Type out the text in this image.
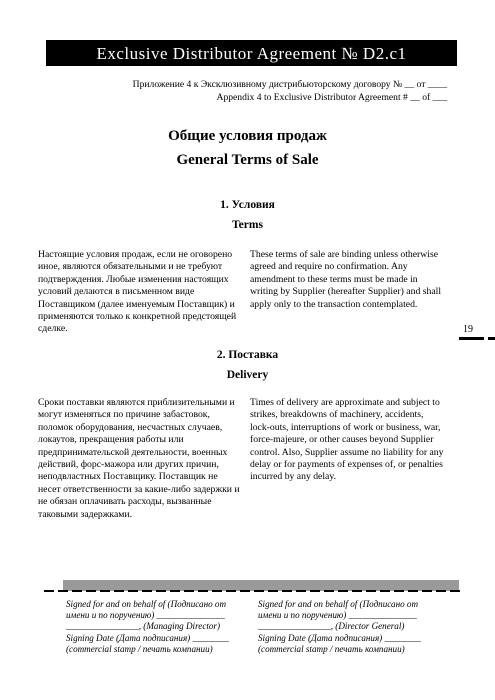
Exclusive Distributor Agreement № D2.c1
Приложение 4 к Эксклюзивному дистрибьюторскому договору № __ от ____
Appendix 4 to Exclusive Distributor Agreement # __ of ___
Общие условия продаж
General Terms of Sale
1. Условия
Terms
Настоящие условия продаж, если не оговорено иное, являются обязательными и не требуют подтверждения. Любые изменения настоящих условий делаются в письменном виде Поставщиком (далее именуемым Поставщик) и применяются только к конкретной предстоящей сделке.
These terms of sale are binding unless otherwise agreed and require no confirmation. Any amendment to these terms must be made in writing by Supplier (hereafter Supplier) and shall apply only to the transaction contemplated.
19
2. Поставка
Delivery
Сроки поставки являются приблизительными и могут изменяться по причине забастовок, поломок оборудования, несчастных случаев, локаутов, прекращения работы или предпринимательской деятельности, военных действий, форс-мажора или других причин, неподвластных Поставщику. Поставщик не несет ответственности за какие-либо задержки и не обязан оплачивать расходы, вызванные таковыми задержками.
Times of delivery are approximate and subject to strikes, breakdowns of machinery, accidents, lock-outs, interruptions of work or business, war, force-majeure, or other causes beyond Supplier control. Also, Supplier assume no liability for any delay or for payments of expenses of, or penalties incurred by any delay.
Signed for and on behalf of (Подписано от
имени и по поручению) _______________
________________, (Managing Director)
Signing Date (Дата подписания) ________
(commercial stamp / печать компании)
Signed for and on behalf of (Подписано от
имени и по поручению) _______________
________________, (Director General)
Signing Date (Дата подписания) ________
(commercial stamp / печать компании)
